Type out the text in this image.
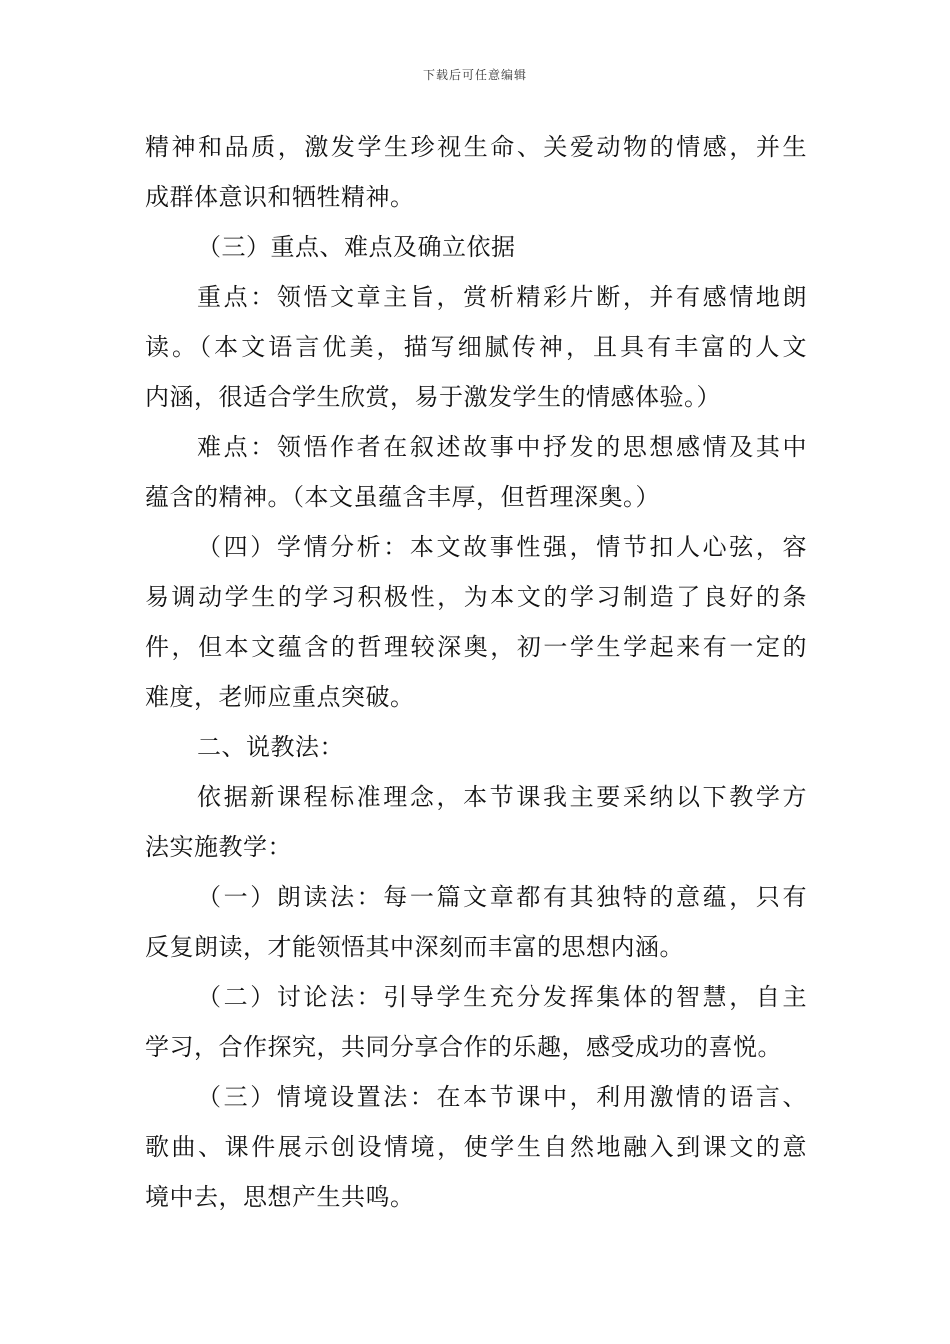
下载后可任意编辑
精神和品质，激发学生珍视生命、关爱动物的情感，并生
成群体意识和牺牲精神。
（三）重点、难点及确立依据
重点：领悟文章主旨，赏析精彩片断，并有感情地朗
读。（本文语言优美，描写细腻传神，且具有丰富的人文
内涵，很适合学生欣赏，易于激发学生的情感体验。）
难点：领悟作者在叙述故事中抒发的思想感情及其中
蕴含的精神。（本文虽蕴含丰厚，但哲理深奥。）
（四）学情分析：本文故事性强，情节扣人心弦，容
易调动学生的学习积极性，为本文的学习制造了良好的条
件，但本文蕴含的哲理较深奥，初一学生学起来有一定的
难度，老师应重点突破。
二、说教法：
依据新课程标准理念，本节课我主要采纳以下教学方
法实施教学：
（一）朗读法：每一篇文章都有其独特的意蕴，只有
反复朗读，才能领悟其中深刻而丰富的思想内涵。
（二）讨论法：引导学生充分发挥集体的智慧，自主
学习，合作探究，共同分享合作的乐趣，感受成功的喜悦。
（三）情境设置法：在本节课中，利用激情的语言、
歌曲、课件展示创设情境，使学生自然地融入到课文的意
境中去，思想产生共鸣。
